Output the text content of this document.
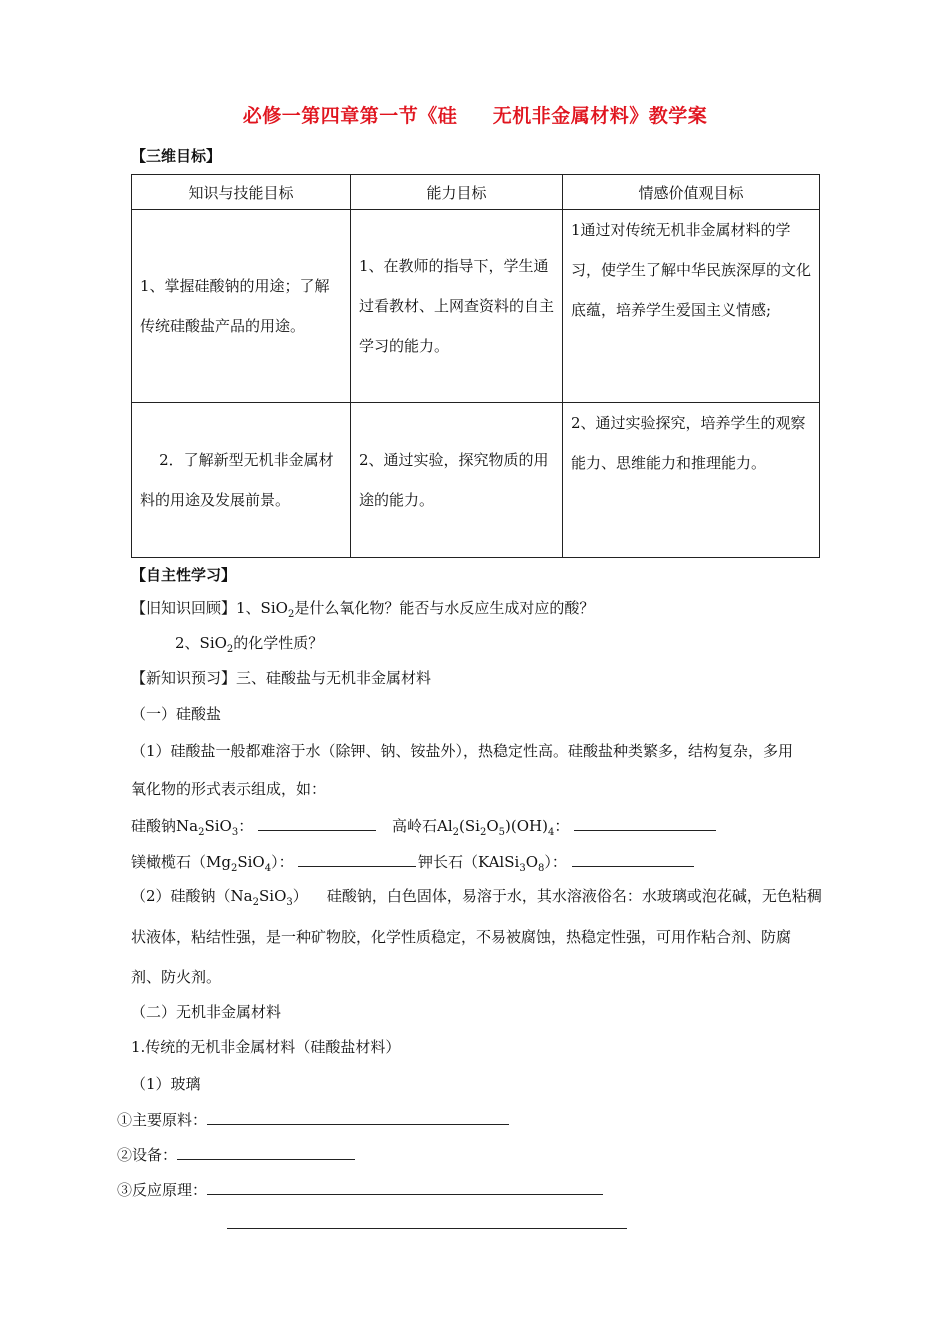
必修一第四章第一节《硅     无机非金属材料》教学案
【三维目标】
知识与技能目标	能力目标	情感价值观目标

1、掌握硅酸钠的用途；了解传统硅酸盐产品的用途。	1、在教师的指导下，学生通过看教材、上网查资料的自主学习的能力。	1通过对传统无机非金属材料的学习，使学生了解中华民族深厚的文化底蕴，培养学生爱国主义情感;

2．了解新型无机非金属材料的用途及发展前景。	2、通过实验，探究物质的用途的能力。	2、通过实验探究，培养学生的观察能力、思维能力和推理能力。
【自主性学习】
【旧知识回顾】1、SiO$_2$是什么氧化物？能否与水反应生成对应的酸？
2、SiO$_2$的化学性质？
【新知识预习】三、硅酸盐与无机非金属材料
（一）硅酸盐
（1）硅酸盐一般都难溶于水（除钾、钠、铵盐外），热稳定性高。硅酸盐种类繁多，结构复杂，多用
氧化物的形式表示组成，如：
硅酸钠$Na_2SiO_3$：	高岭石$Al_2(Si_2O_5)(OH)_4$：
镁橄榄石$(Mg_2SiO_4)$：	钾长石$(KAlSi_3O_8)$：
（2）硅酸钠$(Na_2SiO_3)$    硅酸钠，白色固体，易溶于水，其水溶液俗名：水玻璃或泡花碱，无色粘稠
状液体，粘结性强，是一种矿物胶，化学性质稳定，不易被腐蚀，热稳定性强，可用作粘合剂、防腐
剂、防火剂。
（二）无机非金属材料
1.传统的无机非金属材料（硅酸盐材料）
（1）玻璃
①主要原料：
②设备：
③反应原理：
